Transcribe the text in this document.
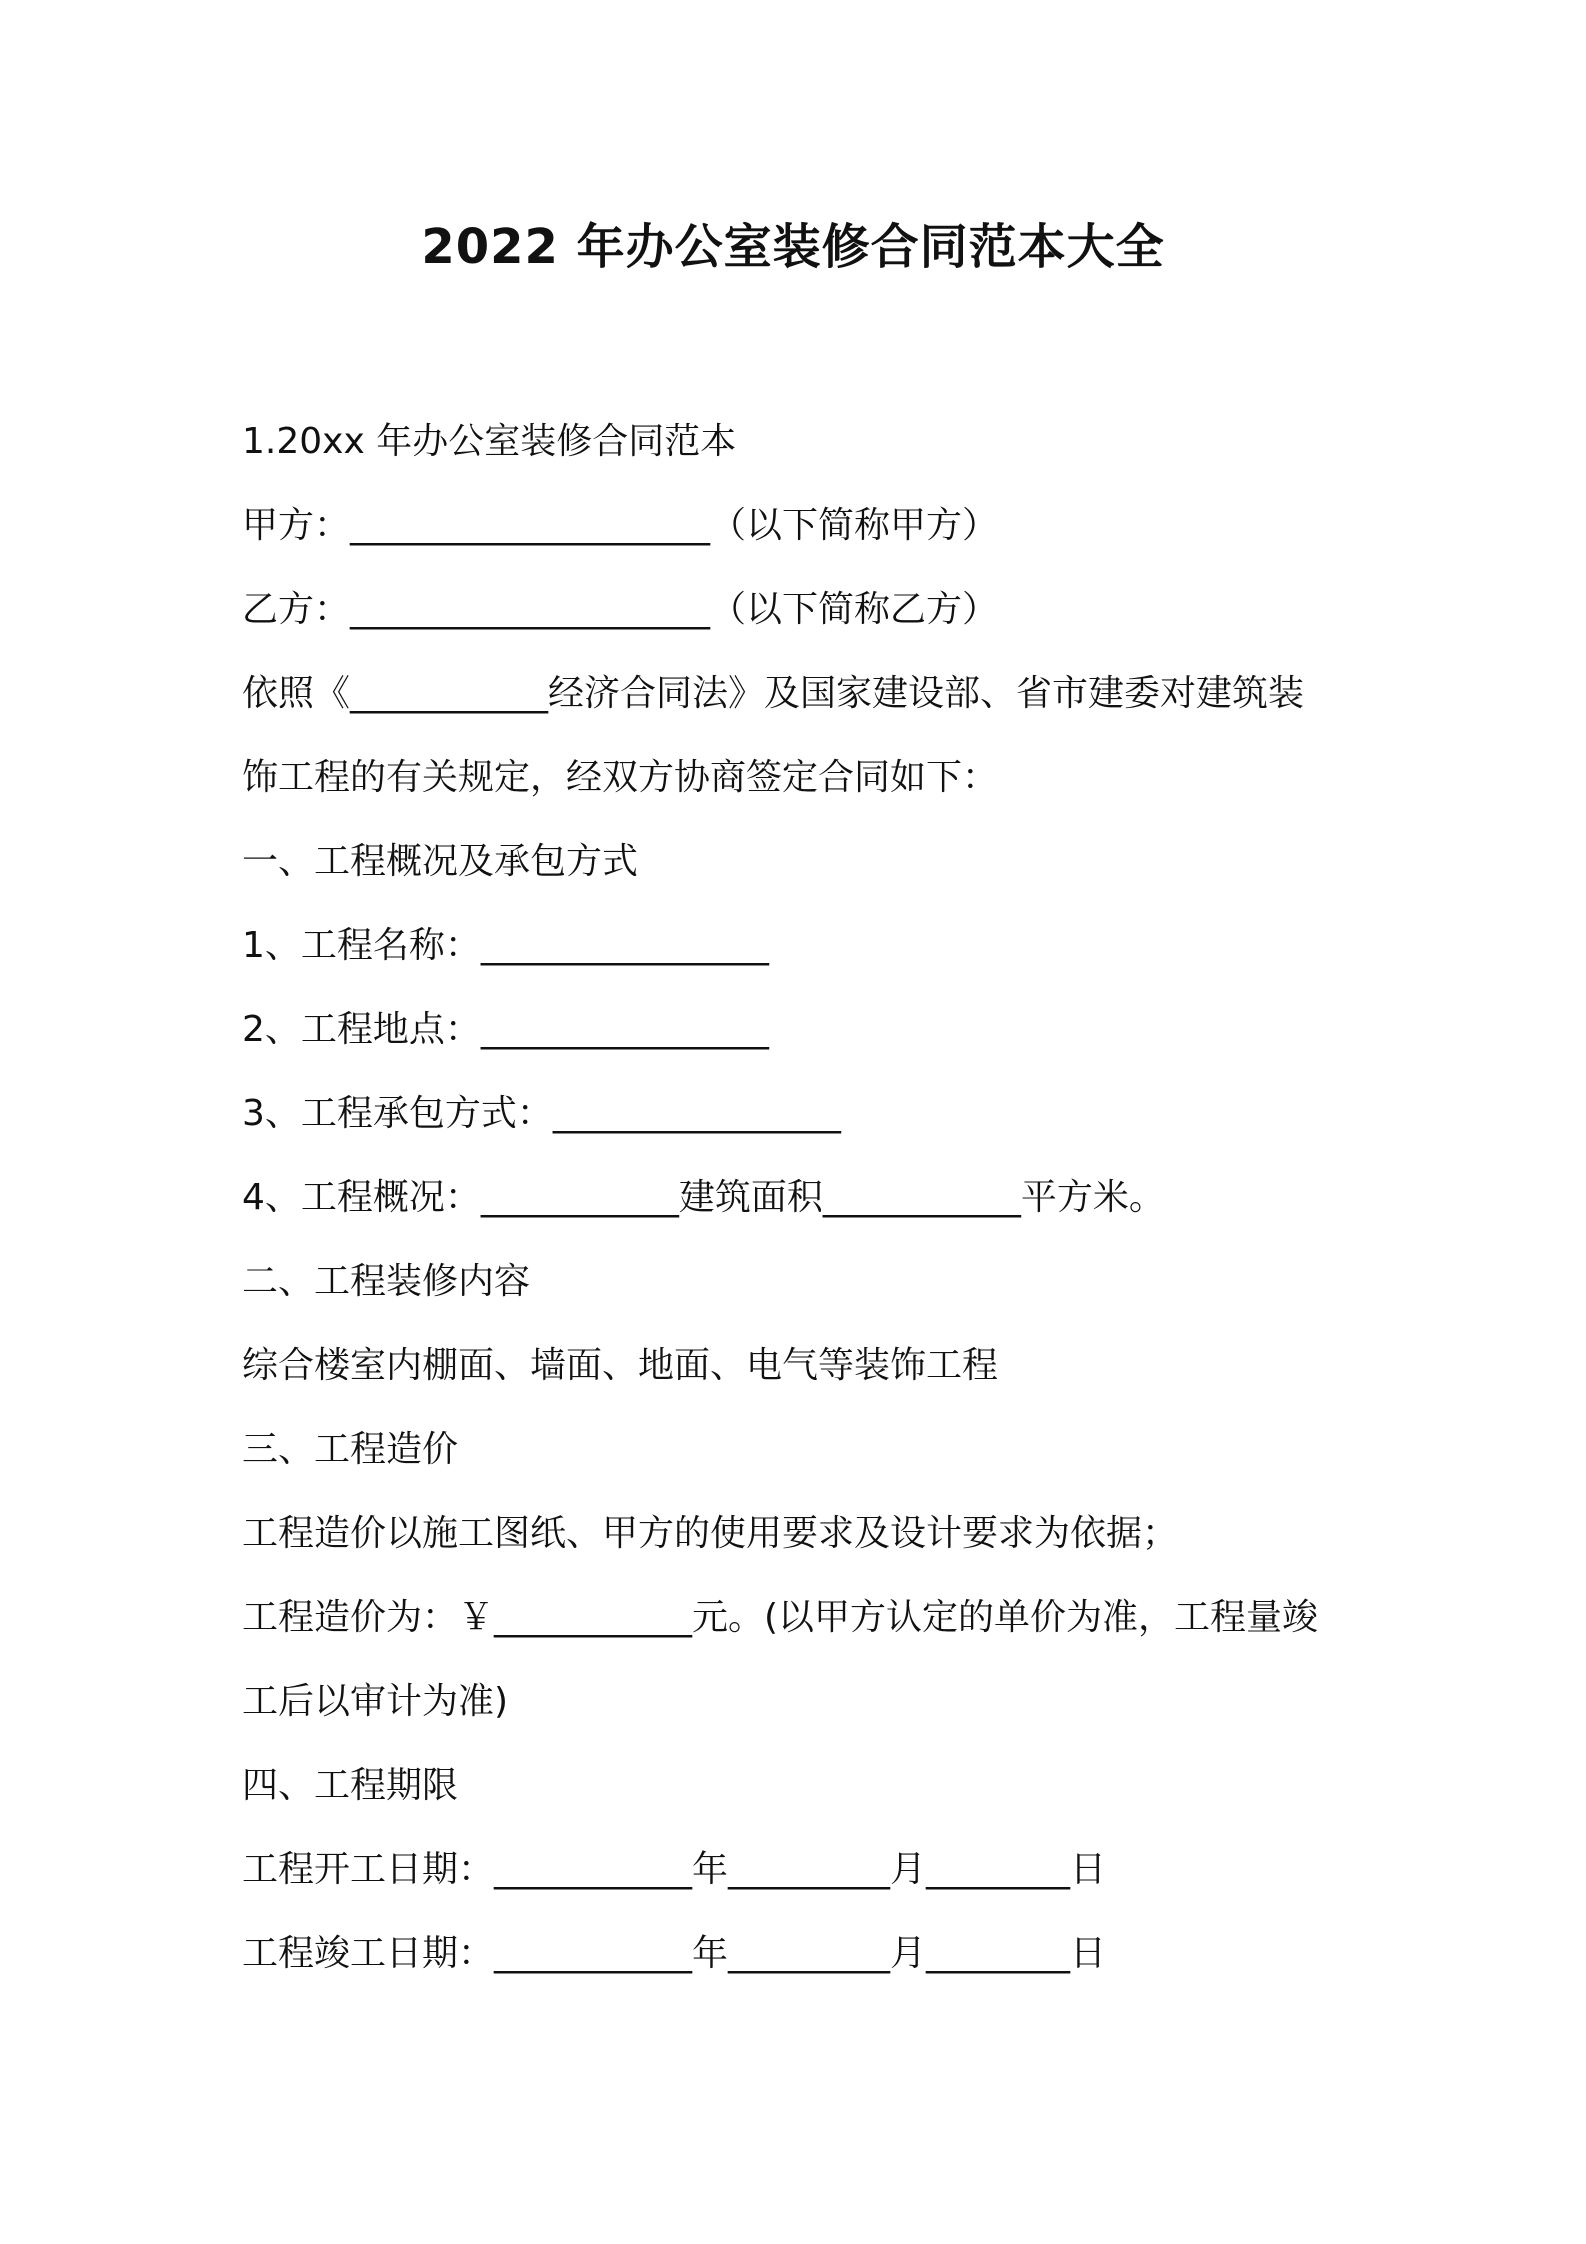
2022 年办公室装修合同范本大全
1.20xx 年办公室装修合同范本
甲方：____________________（以下简称甲方）
乙方：____________________（以下简称乙方）
依照《___________经济合同法》及国家建设部、省市建委对建筑装
饰工程的有关规定，经双方协商签定合同如下：
一、工程概况及承包方式
1、工程名称：________________
2、工程地点：________________
3、工程承包方式：________________
4、工程概况：___________建筑面积___________平方米。
二、工程装修内容
综合楼室内棚面、墙面、地面、电气等装饰工程
三、工程造价
工程造价以施工图纸、甲方的使用要求及设计要求为依据；
工程造价为：￥___________元。(以甲方认定的单价为准，工程量竣
工后以审计为准)
四、工程期限
工程开工日期：___________年_________月________日
工程竣工日期：___________年_________月________日
